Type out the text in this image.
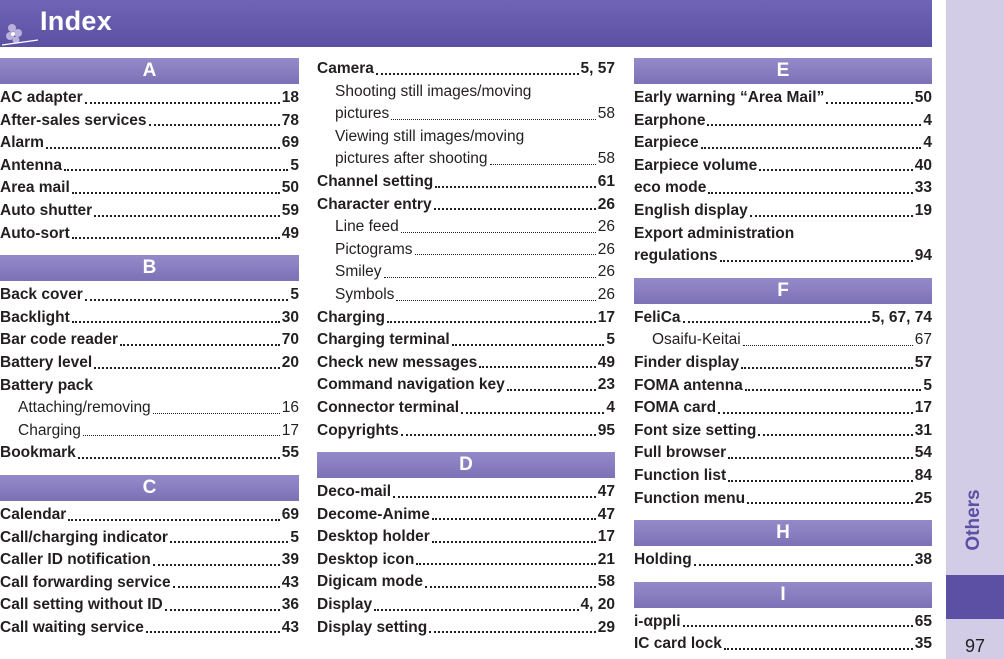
Index
Others
97
A
AC adapter	18
After-sales services	78
Alarm	69
Antenna	5
Area mail	50
Auto shutter	59
Auto-sort	49
B
Back cover	5
Backlight	30
Bar code reader	70
Battery level	20
Battery pack
Attaching/removing	16
Charging	17
Bookmark	55
C
Calendar	69
Call/charging indicator	5
Caller ID notification	39
Call forwarding service	43
Call setting without ID	36
Call waiting service	43
Camera	5, 57
Shooting still images/moving
pictures	58
Viewing still images/moving
pictures after shooting	58
Channel setting	61
Character entry	26
Line feed	26
Pictograms	26
Smiley	26
Symbols	26
Charging	17
Charging terminal	5
Check new messages	49
Command navigation key	23
Connector terminal	4
Copyrights	95
D
Deco-mail	47
Decome-Anime	47
Desktop holder	17
Desktop icon	21
Digicam mode	58
Display	4, 20
Display setting	29
E
Early warning “Area Mail”	50
Earphone	4
Earpiece	4
Earpiece volume	40
eco mode	33
English display	19
Export administration
regulations	94
F
FeliCa	5, 67, 74
Osaifu-Keitai	67
Finder display	57
FOMA antenna	5
FOMA card	17
Font size setting	31
Full browser	54
Function list	84
Function menu	25
H
Holding	38
I
i-αppli	65
IC card lock	35
